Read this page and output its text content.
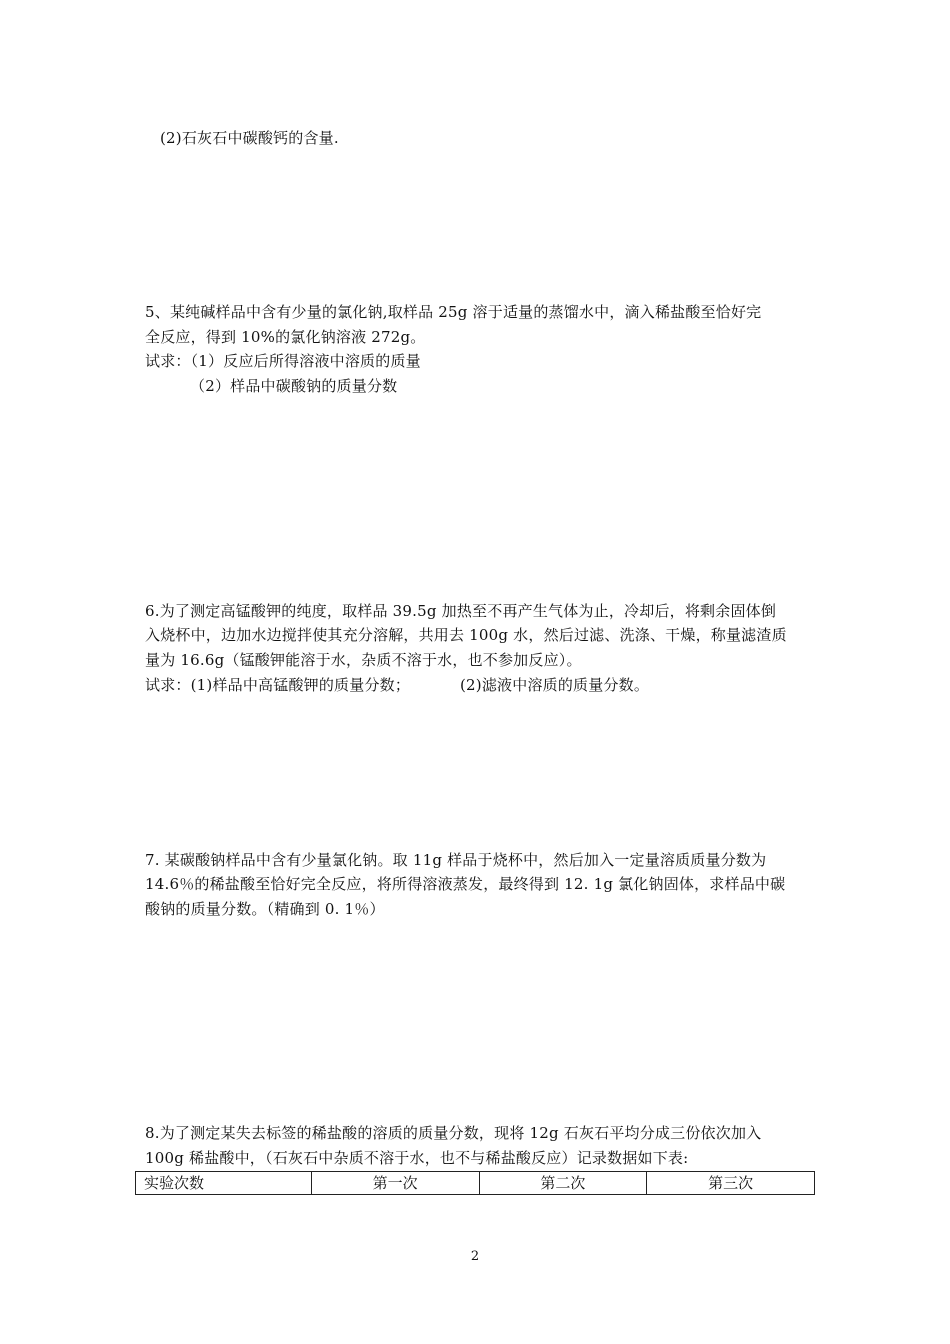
(2)石灰石中碳酸钙的含量.
5、某纯碱样品中含有少量的氯化钠,取样品 25g 溶于适量的蒸馏水中，滴入稀盐酸至恰好完
全反应，得到 10%的氯化钠溶液 272g。
试求：（1）反应后所得溶液中溶质的质量
（2）样品中碳酸钠的质量分数
6.为了测定高锰酸钾的纯度，取样品 39.5g 加热至不再产生气体为止，冷却后，将剩余固体倒
入烧杯中，边加水边搅拌使其充分溶解，共用去 100g 水，然后过滤、洗涤、干燥，称量滤渣质
量为 16.6g（锰酸钾能溶于水，杂质不溶于水，也不参加反应）。
试求：(1)样品中高锰酸钾的质量分数；	(2)滤液中溶质的质量分数。
7. 某碳酸钠样品中含有少量氯化钠。取 11g 样品于烧杯中，然后加入一定量溶质质量分数为
14.6％的稀盐酸至恰好完全反应，将所得溶液蒸发，最终得到 12. 1g 氯化钠固体，求样品中碳
酸钠的质量分数。（精确到 0. 1％）
8.为了测定某失去标签的稀盐酸的溶质的质量分数，现将 12g 石灰石平均分成三份依次加入
100g 稀盐酸中，（石灰石中杂质不溶于水，也不与稀盐酸反应）记录数据如下表:
实验次数	第一次	第二次	第三次
2
